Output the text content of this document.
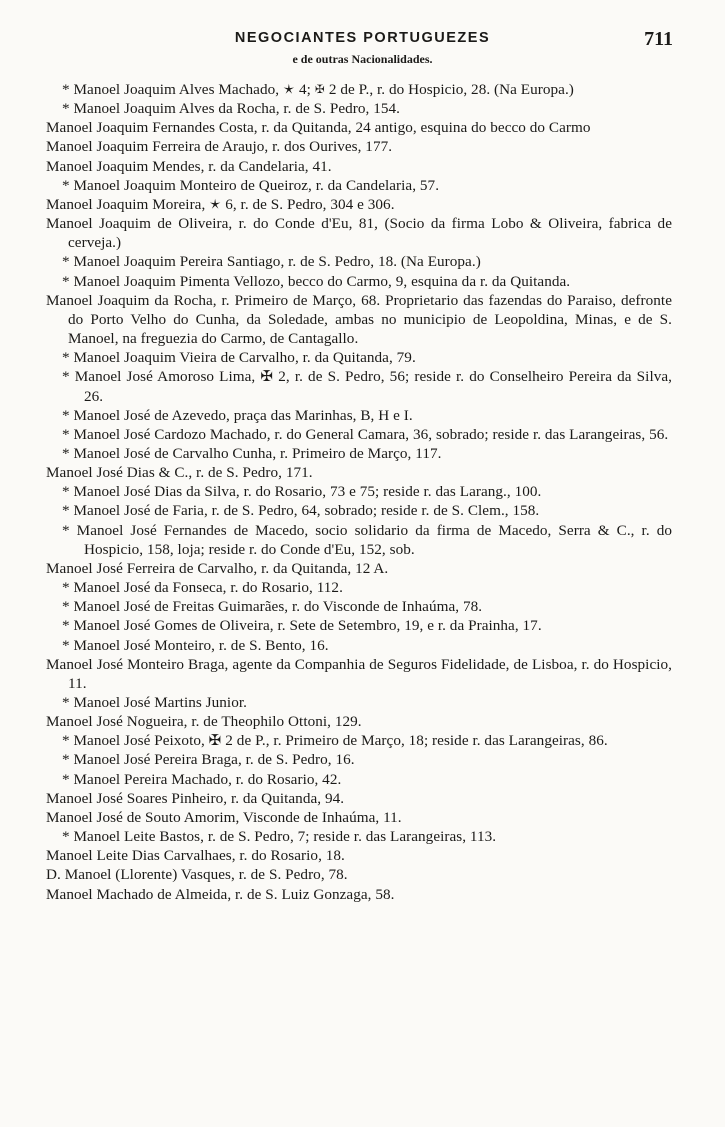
NEGOCIANTES PORTUGUEZES
e de outras Nacionalidades.
711
* Manoel Joaquim Alves Machado, 🟉 4; ✠ 2 de P., r. do Hospicio, 28. (Na Europa.)
* Manoel Joaquim Alves da Rocha, r. de S. Pedro, 154.
Manoel Joaquim Fernandes Costa, r. da Quitanda, 24 antigo, esquina do becco do Carmo
Manoel Joaquim Ferreira de Araujo, r. dos Ourives, 177.
Manoel Joaquim Mendes, r. da Candelaria, 41.
* Manoel Joaquim Monteiro de Queiroz, r. da Candelaria, 57.
Manoel Joaquim Moreira, 🟉 6, r. de S. Pedro, 304 e 306.
Manoel Joaquim de Oliveira, r. do Conde d'Eu, 81, (Socio da firma Lobo & Oliveira, fabrica de cerveja.)
* Manoel Joaquim Pereira Santiago, r. de S. Pedro, 18. (Na Europa.)
* Manoel Joaquim Pimenta Vellozo, becco do Carmo, 9, esquina da r. da Quitanda.
Manoel Joaquim da Rocha, r. Primeiro de Março, 68. Proprietario das fazendas do Paraiso, defronte do Porto Velho do Cunha, da Soledade, ambas no municipio de Leopoldina, Minas, e de S. Manoel, na freguezia do Carmo, de Cantagallo.
* Manoel Joaquim Vieira de Carvalho, r. da Quitanda, 79.
* Manoel José Amoroso Lima, ✠ 2, r. de S. Pedro, 56; reside r. do Conselheiro Pereira da Silva, 26.
* Manoel José de Azevedo, praça das Marinhas, B, H e I.
* Manoel José Cardozo Machado, r. do General Camara, 36, sobrado; reside r. das Larangeiras, 56.
* Manoel José de Carvalho Cunha, r. Primeiro de Março, 117.
Manoel José Dias & C., r. de S. Pedro, 171.
* Manoel José Dias da Silva, r. do Rosario, 73 e 75; reside r. das Larang., 100.
* Manoel José de Faria, r. de S. Pedro, 64, sobrado; reside r. de S. Clem., 158.
* Manoel José Fernandes de Macedo, socio solidario da firma de Macedo, Serra & C., r. do Hospicio, 158, loja; reside r. do Conde d'Eu, 152, sob.
Manoel José Ferreira de Carvalho, r. da Quitanda, 12 A.
* Manoel José da Fonseca, r. do Rosario, 112.
* Manoel José de Freitas Guimarães, r. do Visconde de Inhaúma, 78.
* Manoel José Gomes de Oliveira, r. Sete de Setembro, 19, e r. da Prainha, 17.
* Manoel José Monteiro, r. de S. Bento, 16.
Manoel José Monteiro Braga, agente da Companhia de Seguros Fidelidade, de Lisboa, r. do Hospicio, 11.
* Manoel José Martins Junior.
Manoel José Nogueira, r. de Theophilo Ottoni, 129.
* Manoel José Peixoto, ✠ 2 de P., r. Primeiro de Março, 18; reside r. das Larangeiras, 86.
* Manoel José Pereira Braga, r. de S. Pedro, 16.
* Manoel Pereira Machado, r. do Rosario, 42.
Manoel José Soares Pinheiro, r. da Quitanda, 94.
Manoel José de Souto Amorim, Visconde de Inhaúma, 11.
* Manoel Leite Bastos, r. de S. Pedro, 7; reside r. das Larangeiras, 113.
Manoel Leite Dias Carvalhaes, r. do Rosario, 18.
D. Manoel (Llorente) Vasques, r. de S. Pedro, 78.
Manoel Machado de Almeida, r. de S. Luiz Gonzaga, 58.
